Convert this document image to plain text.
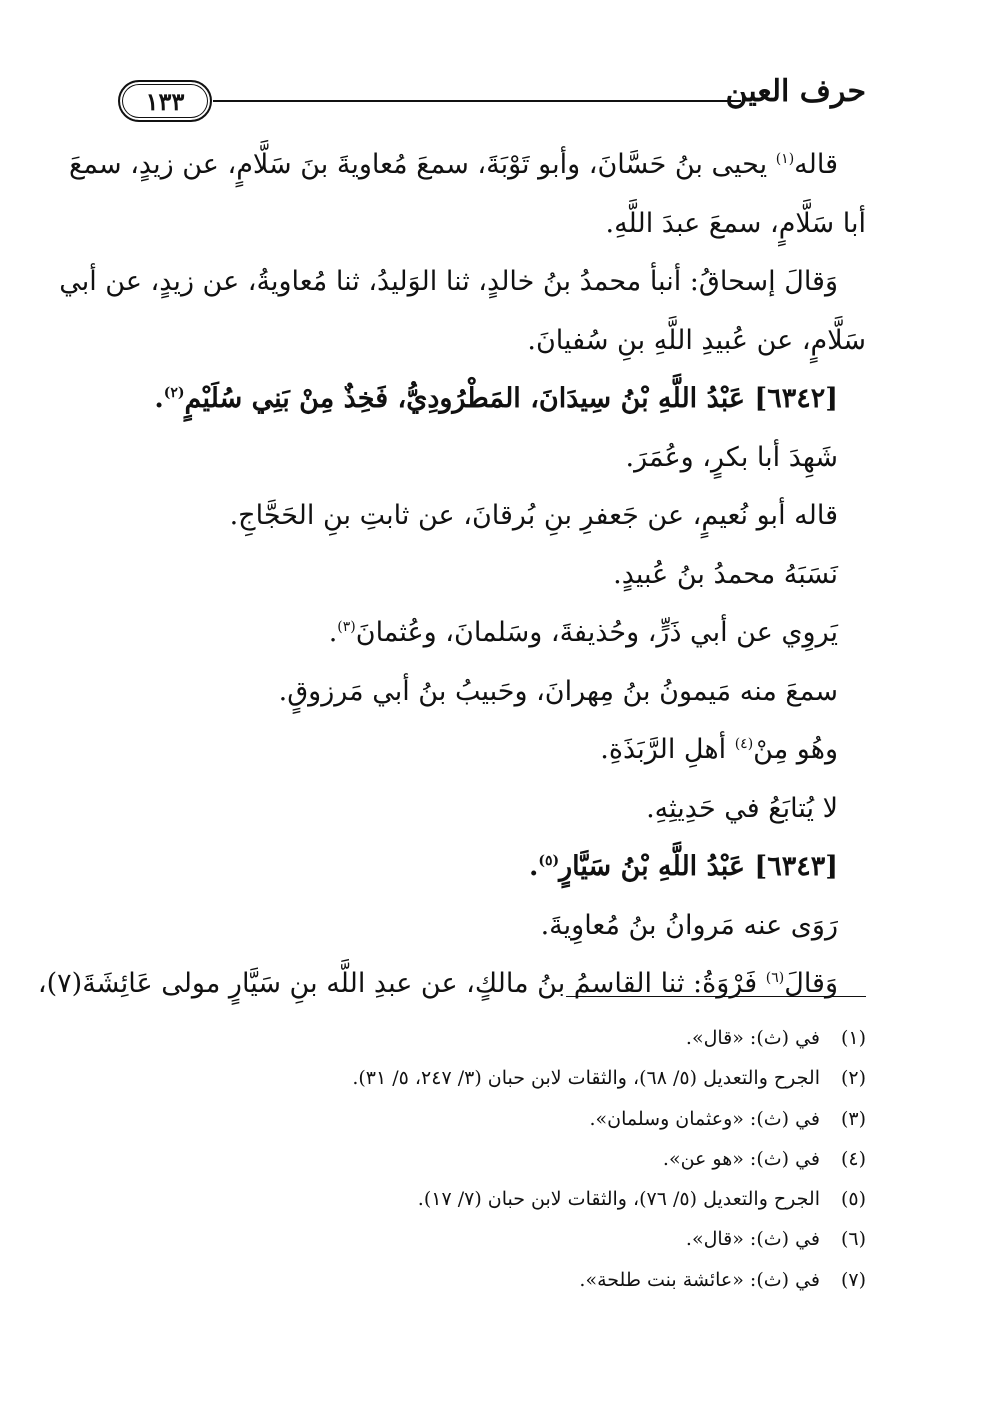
حرف العين
١٣٣
قاله$^{(١)}$ يحيى بنُ حَسَّانَ، وأبو تَوْبَةَ، سمعَ مُعاويةَ بنَ سَلَّامٍ، عن زيدٍ، سمعَ
أبا سَلَّامٍ، سمعَ عبدَ اللَّهِ.
وَقالَ إسحاقُ: أنبأ محمدُ بنُ خالدٍ، ثنا الوَليدُ، ثنا مُعاويةُ، عن زيدٍ، عن أبي
سَلَّامٍ، عن عُبيدِ اللَّهِ بنِ سُفيانَ.
[٦٣٤٢] عَبْدُ اللَّهِ بْنُ سِيدَانَ، المَطْرُودِيُّ، فَخِذٌ مِنْ بَنِي سُلَيْمٍ$^{(٢)}$.
شَهِدَ أبا بكرٍ، وعُمَرَ.
قاله أبو نُعيمٍ، عن جَعفرِ بنِ بُرقانَ، عن ثابتِ بنِ الحَجَّاجِ.
نَسَبَهُ محمدُ بنُ عُبيدٍ.
يَروِي عن أبي ذَرٍّ، وحُذيفةَ، وسَلمانَ، وعُثمانَ$^{(٣)}$.
سمعَ منه مَيمونُ بنُ مِهرانَ، وحَبيبُ بنُ أبي مَرزوقٍ.
وهُو مِنْ$^{(٤)}$ أهلِ الرَّبَذَةِ.
لا يُتابَعُ في حَدِيثِهِ.
[٦٣٤٣] عَبْدُ اللَّهِ بْنُ سَيَّارٍ$^{(٥)}$.
رَوَى عنه مَروانُ بنُ مُعاوِيةَ.
وَقالَ$^{(٦)}$ فَرْوَةُ: ثنا القاسمُ بنُ مالكٍ، عن عبدِ اللَّه بنِ سَيَّارٍ مولى عَائِشَةَ(٧)،
(١)في (ث): «قال».
(٢)الجرح والتعديل (٥/ ٦٨)، والثقات لابن حبان (٣/ ٢٤٧، ٥/ ٣١).
(٣)في (ث): «وعثمان وسلمان».
(٤)في (ث): «هو عن».
(٥)الجرح والتعديل (٥/ ٧٦)، والثقات لابن حبان (٧/ ١٧).
(٦)في (ث): «قال».
(٧)في (ث): «عائشة بنت طلحة».
